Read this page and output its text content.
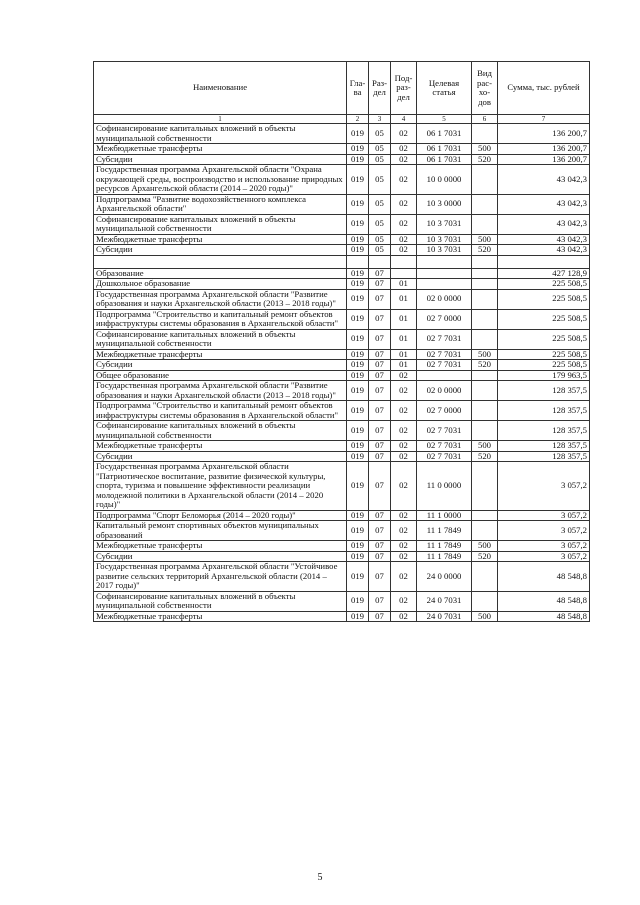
Наименование	Гла-ва	Раз-дел	Под-раз-дел	Целевая статья	Вид рас-хо-дов	Сумма, тыс. рублей
1	2	3	4	5	6	7
Софинансирование капитальных вложений в объекты муниципальной собственности	019	05	02	06 1 7031		136 200,7
Межбюджетные трансферты	019	05	02	06 1 7031	500	136 200,7
Субсидии	019	05	02	06 1 7031	520	136 200,7
Государственная программа Архангельской области "Охрана окружающей среды, воспроизводство и использование природных ресурсов Архангельской области (2014 – 2020 годы)"	019	05	02	10 0 0000		43 042,3
Подпрограмма "Развитие водохозяйственного комплекса Архангельской области"	019	05	02	10 3 0000		43 042,3
Софинансирование капитальных вложений в объекты муниципальной собственности	019	05	02	10 3 7031		43 042,3
Межбюджетные трансферты	019	05	02	10 3 7031	500	43 042,3
Субсидии	019	05	02	10 3 7031	520	43 042,3

Образование	019	07				427 128,9
Дошкольное образование	019	07	01			225 508,5
Государственная программа Архангельской области "Развитие образования и науки Архангельской области (2013 – 2018 годы)"	019	07	01	02 0 0000		225 508,5
Подпрограмма "Строительство и капитальный ремонт объектов инфраструктуры системы образования в Архангельской области"	019	07	01	02 7 0000		225 508,5
Софинансирование капитальных вложений в объекты муниципальной собственности	019	07	01	02 7 7031		225 508,5
Межбюджетные трансферты	019	07	01	02 7 7031	500	225 508,5
Субсидии	019	07	01	02 7 7031	520	225 508,5
Общее образование	019	07	02			179 963,5
Государственная программа Архангельской области "Развитие образования и науки Архангельской области (2013 – 2018 годы)"	019	07	02	02 0 0000		128 357,5
Подпрограмма "Строительство и капитальный ремонт объектов инфраструктуры системы образования в Архангельской области"	019	07	02	02 7 0000		128 357,5
Софинансирование капитальных вложений в объекты муниципальной собственности	019	07	02	02 7 7031		128 357,5
Межбюджетные трансферты	019	07	02	02 7 7031	500	128 357,5
Субсидии	019	07	02	02 7 7031	520	128 357,5
Государственная программа Архангельской области "Патриотическое воспитание, развитие физической культуры, спорта, туризма и повышение эффективности реализации молодежной политики в Архангельской области (2014 – 2020 годы)"	019	07	02	11 0 0000		3 057,2
Подпрограмма "Спорт Беломорья (2014 – 2020 годы)"	019	07	02	11 1 0000		3 057,2
Капитальный ремонт спортивных объектов муниципальных образований	019	07	02	11 1 7849		3 057,2
Межбюджетные трансферты	019	07	02	11 1 7849	500	3 057,2
Субсидии	019	07	02	11 1 7849	520	3 057,2
Государственная программа Архангельской области "Устойчивое развитие сельских территорий Архангельской области (2014 – 2017 годы)"	019	07	02	24 0 0000		48 548,8
Софинансирование капитальных вложений в объекты муниципальной собственности	019	07	02	24 0 7031		48 548,8
Межбюджетные трансферты	019	07	02	24 0 7031	500	48 548,8
5
